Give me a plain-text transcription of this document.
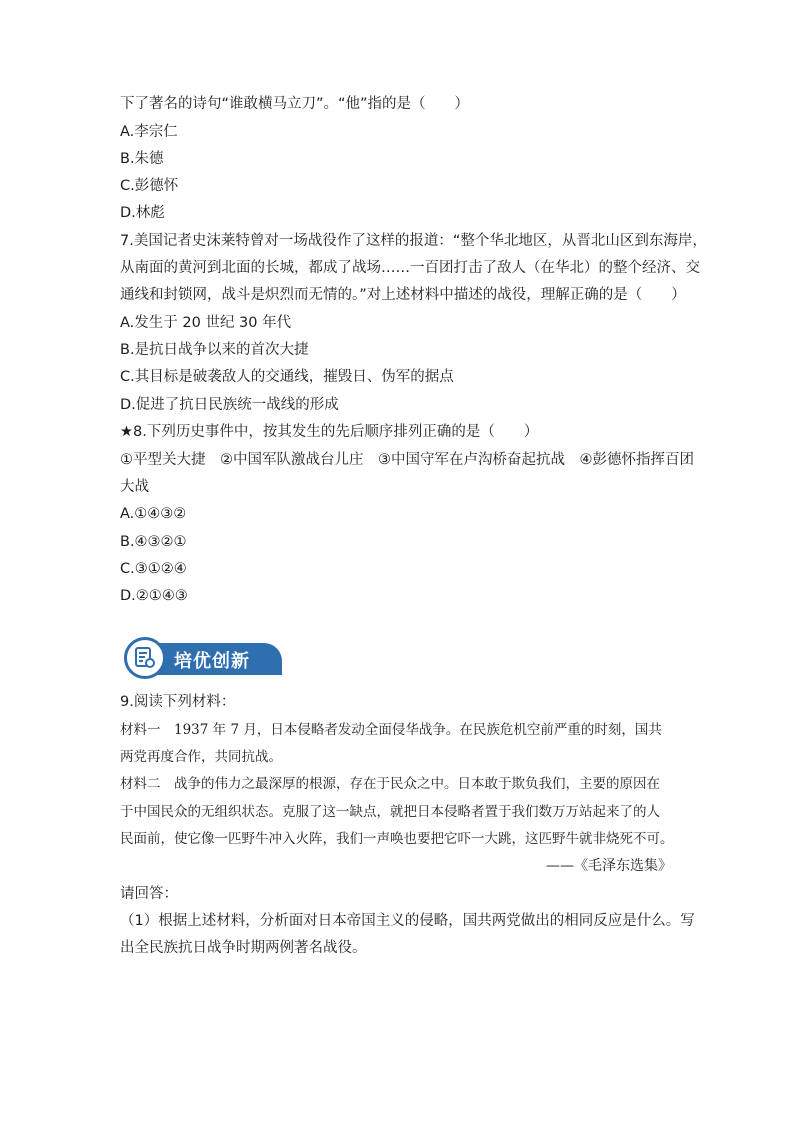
下了著名的诗句“谁敢横马立刀”。“他”指的是（　　）
A.李宗仁
B.朱德
C.彭德怀
D.林彪
7.美国记者史沫莱特曾对一场战役作了这样的报道：“整个华北地区，从晋北山区到东海岸，
从南面的黄河到北面的长城，都成了战场……一百团打击了敌人（在华北）的整个经济、交
通线和封锁网，战斗是炽烈而无情的。”对上述材料中描述的战役，理解正确的是（　　）
A.发生于 20 世纪 30 年代
B.是抗日战争以来的首次大捷
C.其目标是破袭敌人的交通线，摧毁日、伪军的据点
D.促进了抗日民族统一战线的形成
★8.下列历史事件中，按其发生的先后顺序排列正确的是（　　）
①平型关大捷　②中国军队激战台儿庄　③中国守军在卢沟桥奋起抗战　④彭德怀指挥百团
大战
A.①④③②
B.④③②①
C.③①②④
D.②①④③
培优创新
9.阅读下列材料：
材料一　1937 年 7 月，日本侵略者发动全面侵华战争。在民族危机空前严重的时刻，国共
两党再度合作，共同抗战。
材料二　战争的伟力之最深厚的根源，存在于民众之中。日本敢于欺负我们，主要的原因在
于中国民众的无组织状态。克服了这一缺点，就把日本侵略者置于我们数万万站起来了的人
民面前，使它像一匹野牛冲入火阵，我们一声唤也要把它吓一大跳，这匹野牛就非烧死不可。
——《毛泽东选集》
请回答：
（1）根据上述材料，分析面对日本帝国主义的侵略，国共两党做出的相同反应是什么。写
出全民族抗日战争时期两例著名战役。
